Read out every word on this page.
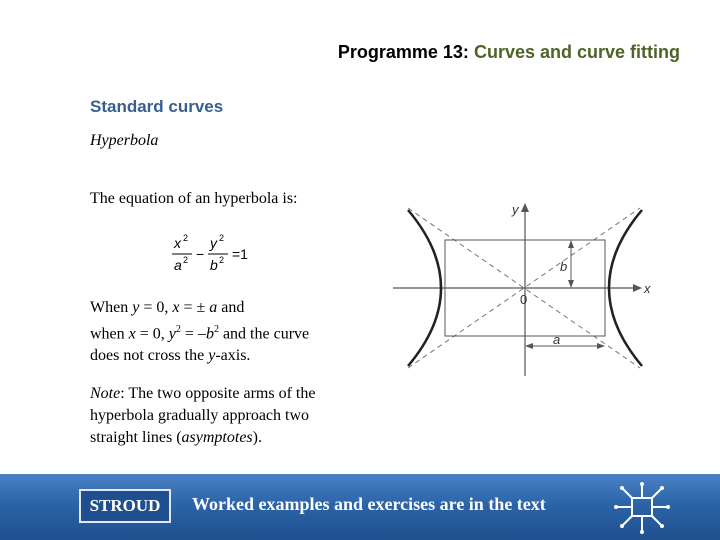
Programme 13: Curves and curve fitting
Standard curves
Hyperbola
The equation of an hyperbola is:
x 2
a 2 −
y 2
b 2 =1
When y = 0, x = ± a and
when x = 0, $y^2 = -b^2$ and the curve
does not cross the y-axis.
Note: The two opposite arms of the
hyperbola gradually approach two
straight lines (asymptotes).
y
x
b
a
0
STROUD	Worked examples and exercises are in the text
